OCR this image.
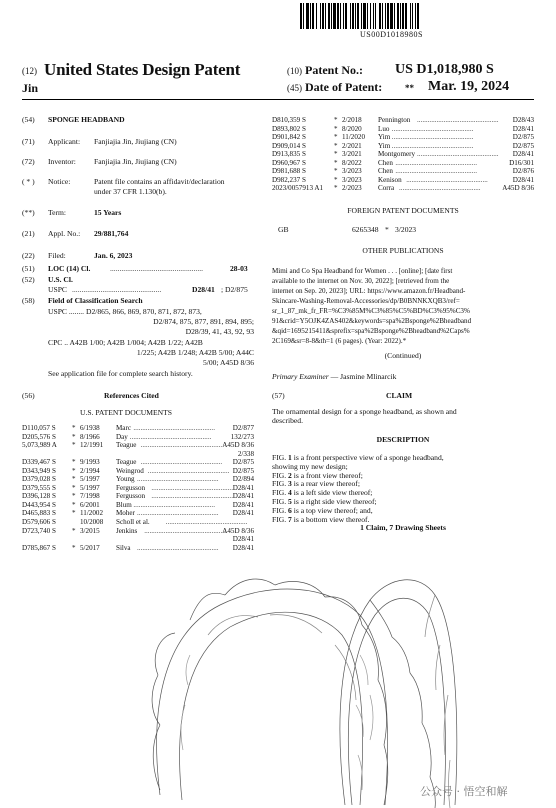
US00D1018980S
(12) United States Design Patent
Jin
(10) Patent No.: US D1,018,980 S
(45) Date of Patent:	** Mar. 19, 2024
(54) SPONGE HEADBAND
(71) Applicant: Fanjiajia Jin, Jiujiang (CN)
(72) Inventor: Fanjiajia Jin, Jiujiang (CN)
( * ) Notice:	Patent file contains an affidavit/declaration
under 37 CFR 1.130(b).
(**) Term:	15 Years
(21) Appl. No.: 29/881,764
(22) Filed:	Jan. 6, 2023
(51) LOC (14) Cl.	.................................................	28-03
(52) U.S. Cl.
USPC ...............................................	D28/41 ; D2/875
(58) Field of Classification Search
USPC ........ D2/865, 866, 869, 870, 871, 872, 873,
D2/874, 875, 877, 891, 894, 895;
D28/39, 41, 43, 92, 93
CPC .. A42B 1/00; A42B 1/004; A42B 1/22; A42B
1/225; A42B 1/248; A42B 5/00; A44C
5/00; A45D 8/36
See application file for complete search history.
(56)	References Cited
U.S. PATENT DOCUMENTS
D110,057 S * 6/1938 Marc	D2/877
..............................................
D205,576 S * 8/1966 Day	132/273
..............................................
5,073,989 A * 12/1991 Teague	A45D 8/36
..............................................
2/338
D339,467 S * 9/1993 Teague	D2/875
..............................................
D343,949 S * 2/1994 Weingrod	D2/875
..............................................
D379,028 S * 5/1997 Young	D2/894
..............................................
D379,555 S * 5/1997 Fergusson	D28/41
..............................................
D396,128 S * 7/1998 Fergusson	D28/41
..............................................
D443,954 S * 6/2001 Blum	D28/41
..............................................
D465,883 S * 11/2002 Moher	D28/41
..............................................
D579,606 S	10/2008 Scholl et al. ..............................................
D723,740 S * 3/2015 Jenkins	A45D 8/36
..............................................
D28/41
D785,867 S * 5/2017 Silva	D28/41
..............................................
D810,359 S	* 2/2018 Pennington	D28/43
..............................................
D893,802 S	* 8/2020 Luo	D28/41
..............................................
D901,842 S	* 11/2020 Yim	D2/875
..............................................
D909,014 S	* 2/2021 Yim	D2/875
..............................................
D913,835 S	* 3/2021 Montgomery	D28/41
..............................................
D960,967 S	* 8/2022 Chen	D16/301
..............................................
D981,688 S	* 3/2023 Chen	D2/876
..............................................
D982,237 S	* 3/2023 Kenison	D28/41
..............................................
2023/0057913 A1 * 2/2023 Corra	A45D 8/36
..............................................
FOREIGN PATENT DOCUMENTS
GB	6265348 * 3/2023
OTHER PUBLICATIONS
Mimi and Co Spa Headband for Women . . . [online]; [date first
available to the internet on Nov. 30, 2022]; [retrieved from the
internet on Sep. 20, 2023]; URL: https://www.amazon.fr/Headband-
Skincare-Washing-Removal-Accessories/dp/B0BNNKXQB3/ref=
sr_1_87_mk_fr_FR=%C3%85M%C3%85%C5%BD%C3%95%C3%
91&crid=Y5OJK4ZAS402&keywords=spa%2Bsponge%2Bheadband
&qid=1695215411&sprefix=spa%2Bsponge%2Bheadband%2Caps%
2C169&sr=8-8&th=1 (6 pages). (Year: 2022).*
(Continued)
Primary Examiner — Jasmine Mlinarcik
(57)	CLAIM
The ornamental design for a sponge headband, as shown and
described.
DESCRIPTION
FIG. 1 is a front perspective view of a sponge headband,
showing my new design;
FIG. 2 is a front view thereof;
FIG. 3 is a rear view thereof;
FIG. 4 is a left side view thereof;
FIG. 5 is a right side view thereof;
FIG. 6 is a top view thereof; and,
FIG. 7 is a bottom view thereof.
1 Claim, 7 Drawing Sheets
公众号 · 悟空和解
